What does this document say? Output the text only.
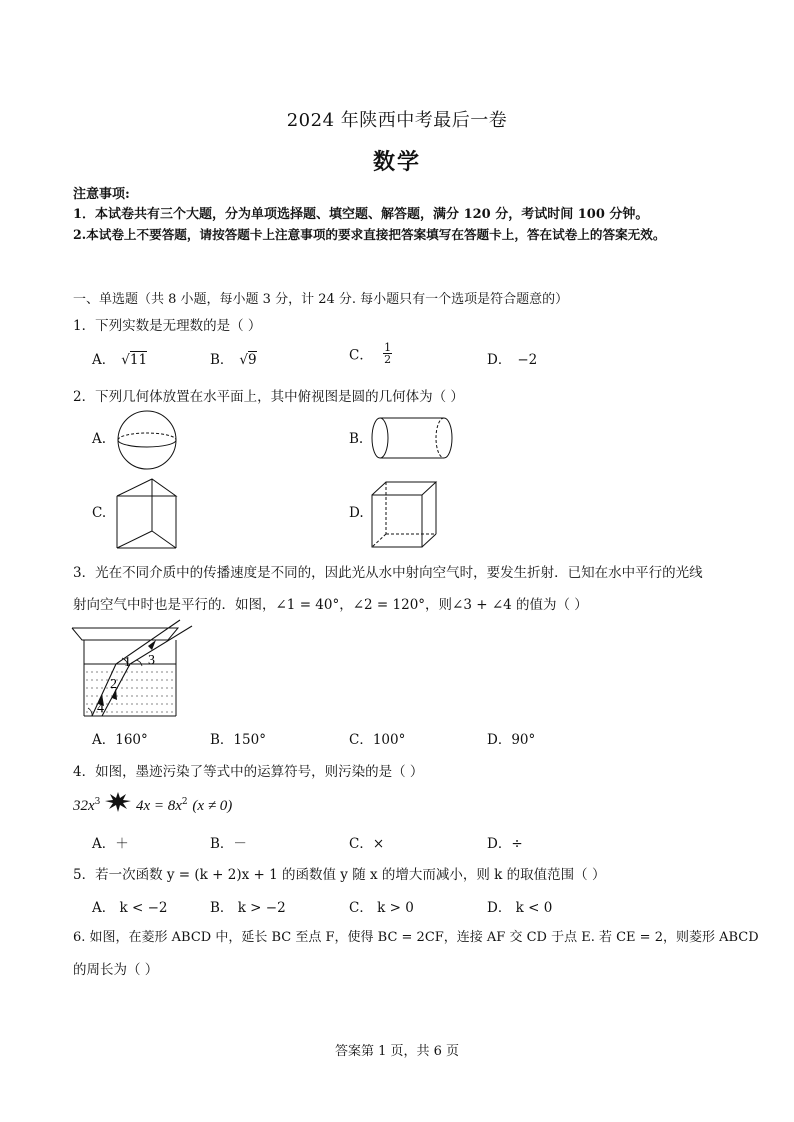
2024 年陕西中考最后一卷
数学
注意事项:
1．本试卷共有三个大题，分为单项选择题、填空题、解答题，满分 120 分，考试时间 100 分钟。
2.本试卷上不要答题，请按答题卡上注意事项的要求直接把答案填写在答题卡上，答在试卷上的答案无效。
一、单选题（共 8 小题，每小题 3 分，计 24 分. 每小题只有一个选项是符合题意的）
1．下列实数是无理数的是（ ）
A． √11	B． √9	C． $\frac{1}{2}$	D． −2
2．下列几何体放置在水平面上，其中俯视图是圆的几何体为（ ）
A.	B.
C.	D.
3．光在不同介质中的传播速度是不同的，因此光从水中射向空气时，要发生折射．已知在水中平行的光线
射向空气中时也是平行的．如图，∠1 = 40°，∠2 = 120°，则∠3 + ∠4 的值为（ ）
1 3
2
4
A．160°	B．150°	C．100°	D．90°
4．如图，墨迹污染了等式中的运算符号，则污染的是（ ）
$32x^3$ $4x = 8x^2$ (x ≠ 0)
A．＋	B．－	C．×	D．÷
5．若一次函数 y = (k + 2)x + 1 的函数值 y 随 x 的增大而减小，则 k 的取值范围（ ）
A． k < −2	B． k > −2	C． k > 0	D． k < 0
6. 如图，在菱形 ABCD 中，延长 BC 至点 F，使得 BC = 2CF，连接 AF 交 CD 于点 E. 若 CE = 2，则菱形 ABCD
的周长为（ ）
答案第 1 页，共 6 页
